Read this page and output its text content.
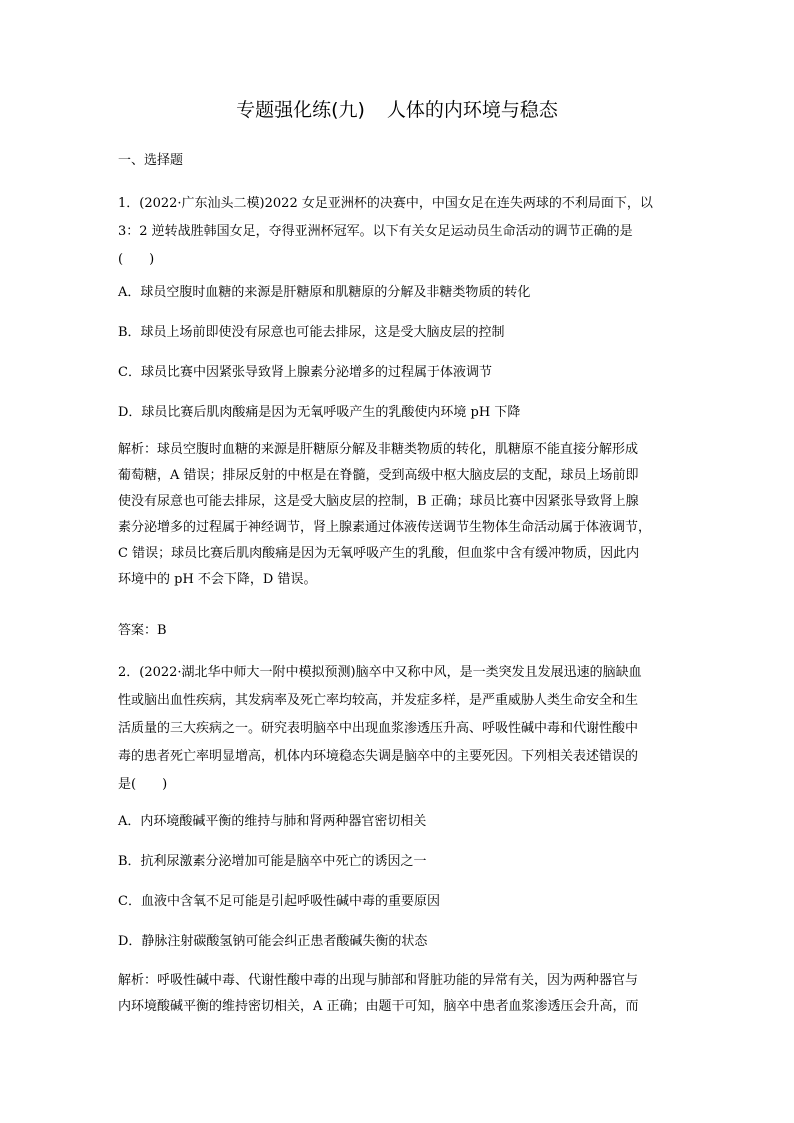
专题强化练(九) 人体的内环境与稳态
一、选择题
1．(2022·广东汕头二模)2022 女足亚洲杯的决赛中，中国女足在连失两球的不利局面下，以
3：2 逆转战胜韩国女足，夺得亚洲杯冠军。以下有关女足运动员生命活动的调节正确的是
(　　)
A．球员空腹时血糖的来源是肝糖原和肌糖原的分解及非糖类物质的转化
B．球员上场前即使没有尿意也可能去排尿，这是受大脑皮层的控制
C．球员比赛中因紧张导致肾上腺素分泌增多的过程属于体液调节
D．球员比赛后肌肉酸痛是因为无氧呼吸产生的乳酸使内环境 pH 下降
解析：球员空腹时血糖的来源是肝糖原分解及非糖类物质的转化，肌糖原不能直接分解形成
葡萄糖，A 错误；排尿反射的中枢是在脊髓，受到高级中枢大脑皮层的支配，球员上场前即
使没有尿意也可能去排尿，这是受大脑皮层的控制，B 正确；球员比赛中因紧张导致肾上腺
素分泌增多的过程属于神经调节，肾上腺素通过体液传送调节生物体生命活动属于体液调节，
C 错误；球员比赛后肌肉酸痛是因为无氧呼吸产生的乳酸，但血浆中含有缓冲物质，因此内
环境中的 pH 不会下降，D 错误。
答案：B
2．(2022·湖北华中师大一附中模拟预测)脑卒中又称中风，是一类突发且发展迅速的脑缺血
性或脑出血性疾病，其发病率及死亡率均较高，并发症多样，是严重威胁人类生命安全和生
活质量的三大疾病之一。研究表明脑卒中出现血浆渗透压升高、呼吸性碱中毒和代谢性酸中
毒的患者死亡率明显增高，机体内环境稳态失调是脑卒中的主要死因。下列相关表述错误的
是(　　)
A．内环境酸碱平衡的维持与肺和肾两种器官密切相关
B．抗利尿激素分泌增加可能是脑卒中死亡的诱因之一
C．血液中含氧不足可能是引起呼吸性碱中毒的重要原因
D．静脉注射碳酸氢钠可能会纠正患者酸碱失衡的状态
解析：呼吸性碱中毒、代谢性酸中毒的出现与肺部和肾脏功能的异常有关，因为两种器官与
内环境酸碱平衡的维持密切相关，A 正确；由题干可知，脑卒中患者血浆渗透压会升高，而
